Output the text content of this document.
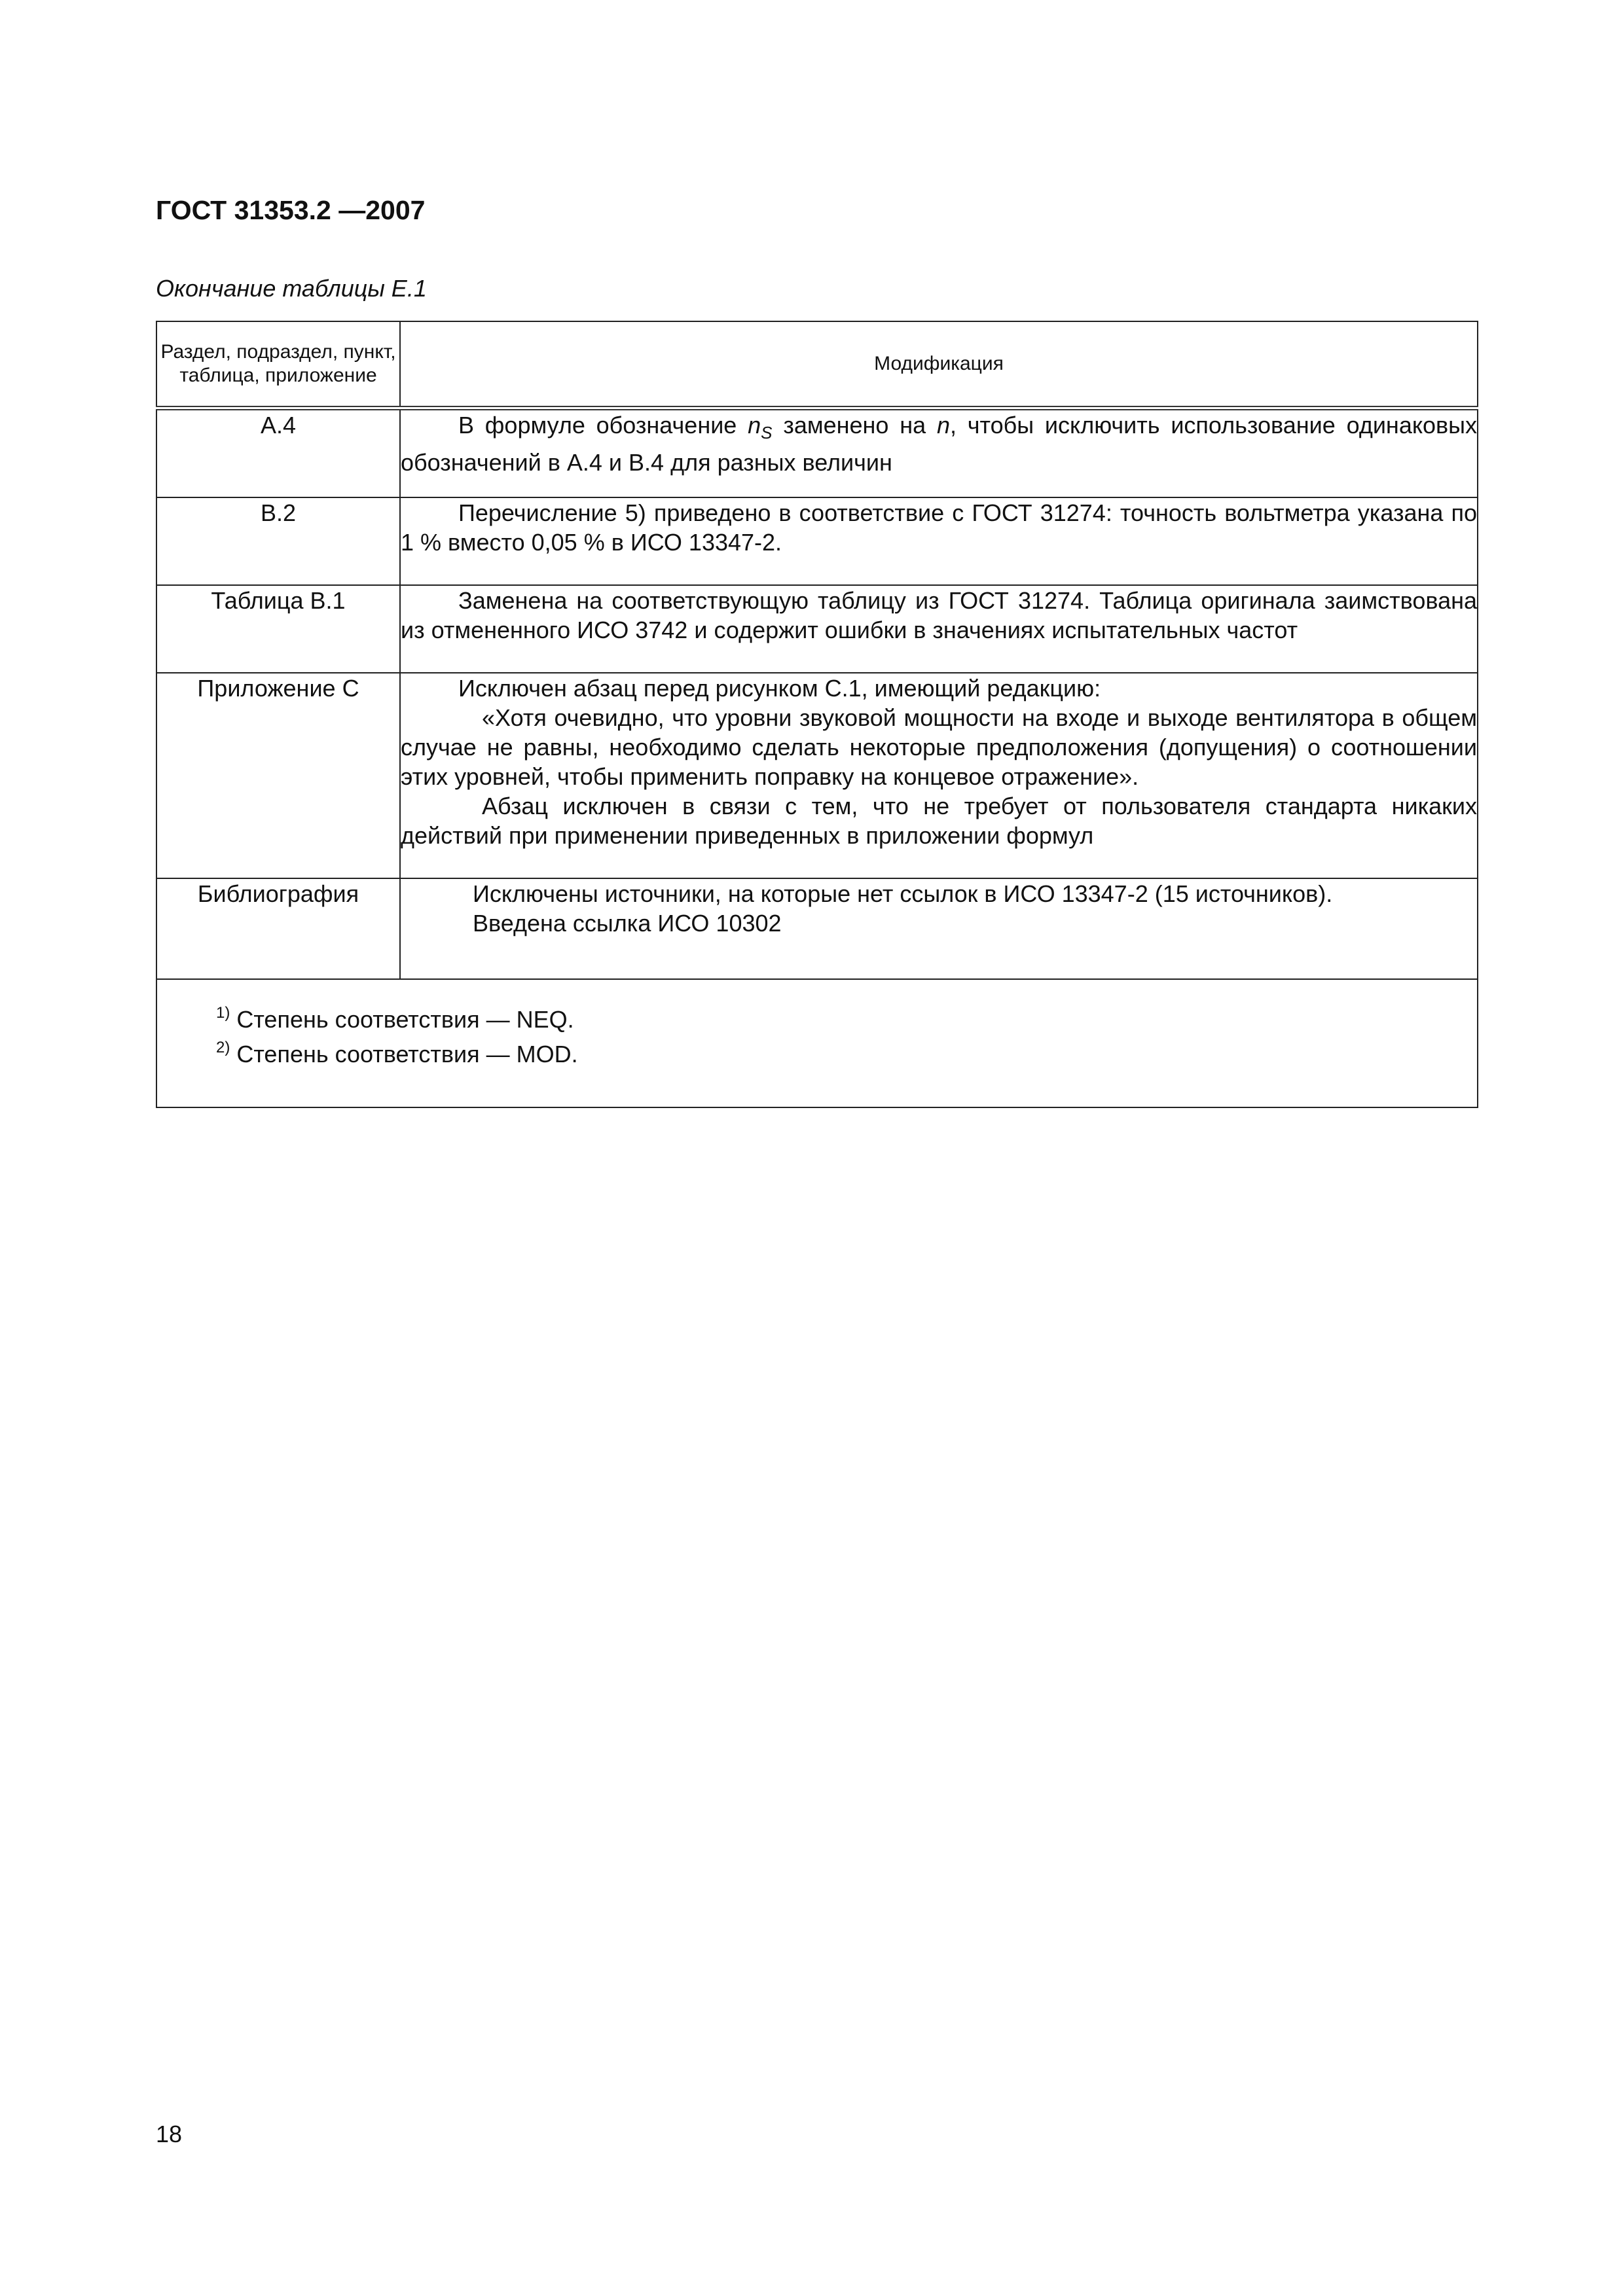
ГОСТ 31353.2 —2007
Окончание таблицы Е.1
Раздел, подраздел, пункт, таблица, приложение	Модификация
А.4	В формуле обозначение $n_S$ заменено на n, чтобы исключить использование одинаковых обозначений в А.4 и В.4 для разных величин

В.2	Перечисление 5) приведено в соответствие с ГОСТ 31274: точность вольтметра указана по 1 % вместо 0,05 % в ИСО 13347-2.

Таблица В.1	Заменена на соответствующую таблицу из ГОСТ 31274. Таблица оригинала заимствована из отмененного ИСО 3742 и содержит ошибки в значениях испытательных частот

Приложение С	Исключен абзац перед рисунком С.1, имеющий редакцию:

«Хотя очевидно, что уровни звуковой мощности на входе и выходе вентилятора в общем случае не равны, необходимо сделать некоторые предположения (допущения) о соотношении этих уровней, чтобы применить поправку на концевое отражение».

Абзац исключен в связи с тем, что не требует от пользователя стандарта никаких действий при применении приведенных в приложении формул

Библиография	Исключены источники, на которые нет ссылок в ИСО 13347-2 (15 источников).

Введена ссылка ИСО 10302

$^{1)}$ Степень соответствия — NEQ.
$^{2)}$ Степень соответствия — MOD.	
18
